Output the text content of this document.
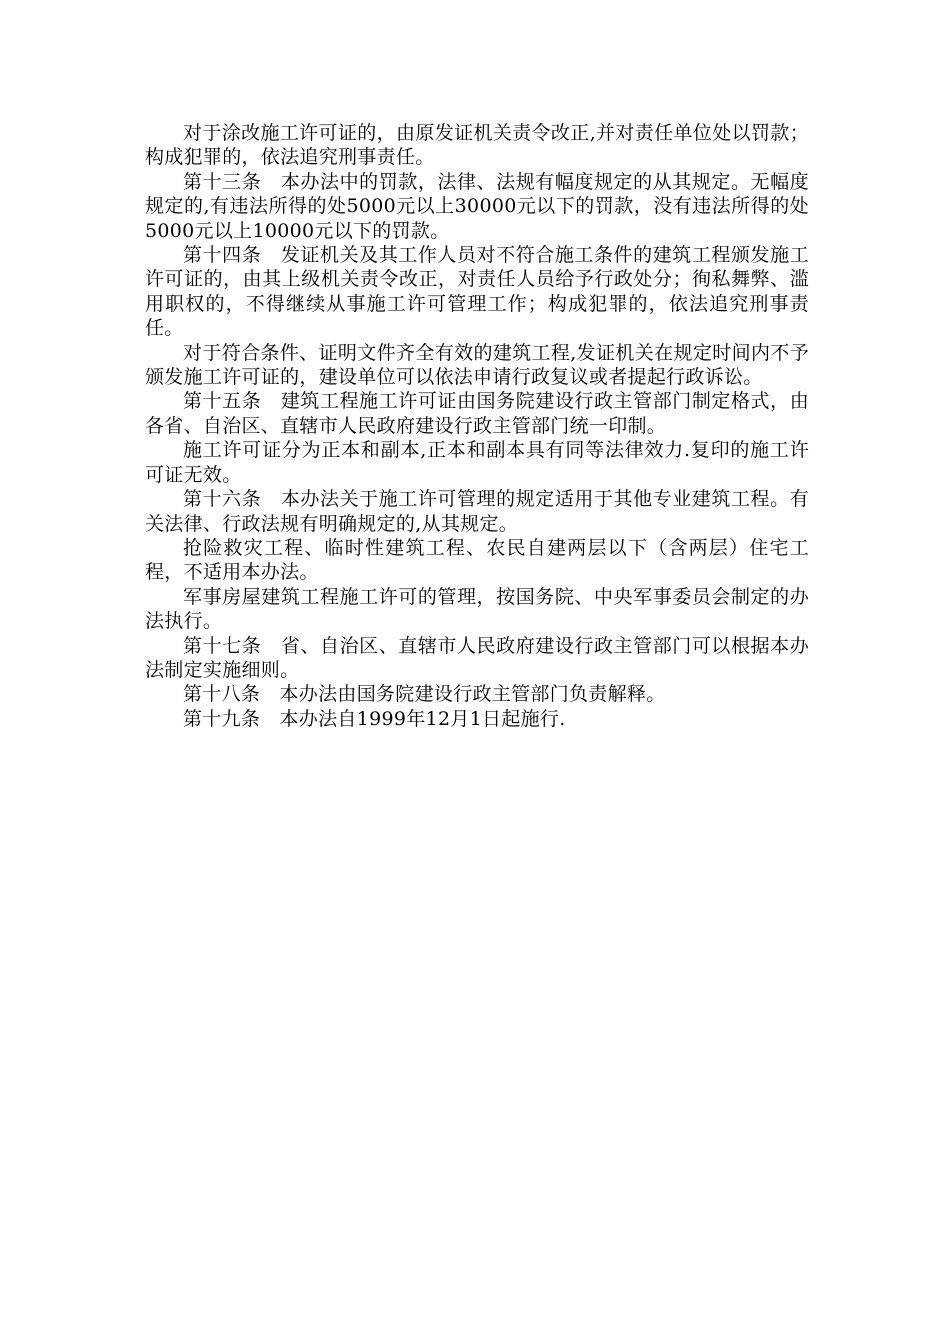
对于涂改施工许可证的，由原发证机关责令改正,并对责任单位处以罚款；构成犯罪的，依法追究刑事责任。

第十三条　本办法中的罚款，法律、法规有幅度规定的从其规定。无幅度规定的,有违法所得的处5000元以上30000元以下的罚款，没有违法所得的处5000元以上10000元以下的罚款。

第十四条　发证机关及其工作人员对不符合施工条件的建筑工程颁发施工许可证的，由其上级机关责令改正，对责任人员给予行政处分；徇私舞弊、滥用职权的，不得继续从事施工许可管理工作；构成犯罪的，依法追究刑事责任。

对于符合条件、证明文件齐全有效的建筑工程,发证机关在规定时间内不予颁发施工许可证的，建设单位可以依法申请行政复议或者提起行政诉讼。

第十五条　建筑工程施工许可证由国务院建设行政主管部门制定格式，由各省、自治区、直辖市人民政府建设行政主管部门统一印制。

施工许可证分为正本和副本,正本和副本具有同等法律效力.复印的施工许可证无效。

第十六条　本办法关于施工许可管理的规定适用于其他专业建筑工程。有关法律、行政法规有明确规定的,从其规定。

抢险救灾工程、临时性建筑工程、农民自建两层以下（含两层）住宅工程，不适用本办法。

军事房屋建筑工程施工许可的管理，按国务院、中央军事委员会制定的办法执行。

第十七条　省、自治区、直辖市人民政府建设行政主管部门可以根据本办法制定实施细则。

第十八条　本办法由国务院建设行政主管部门负责解释。

第十九条　本办法自1999年12月1日起施行.
